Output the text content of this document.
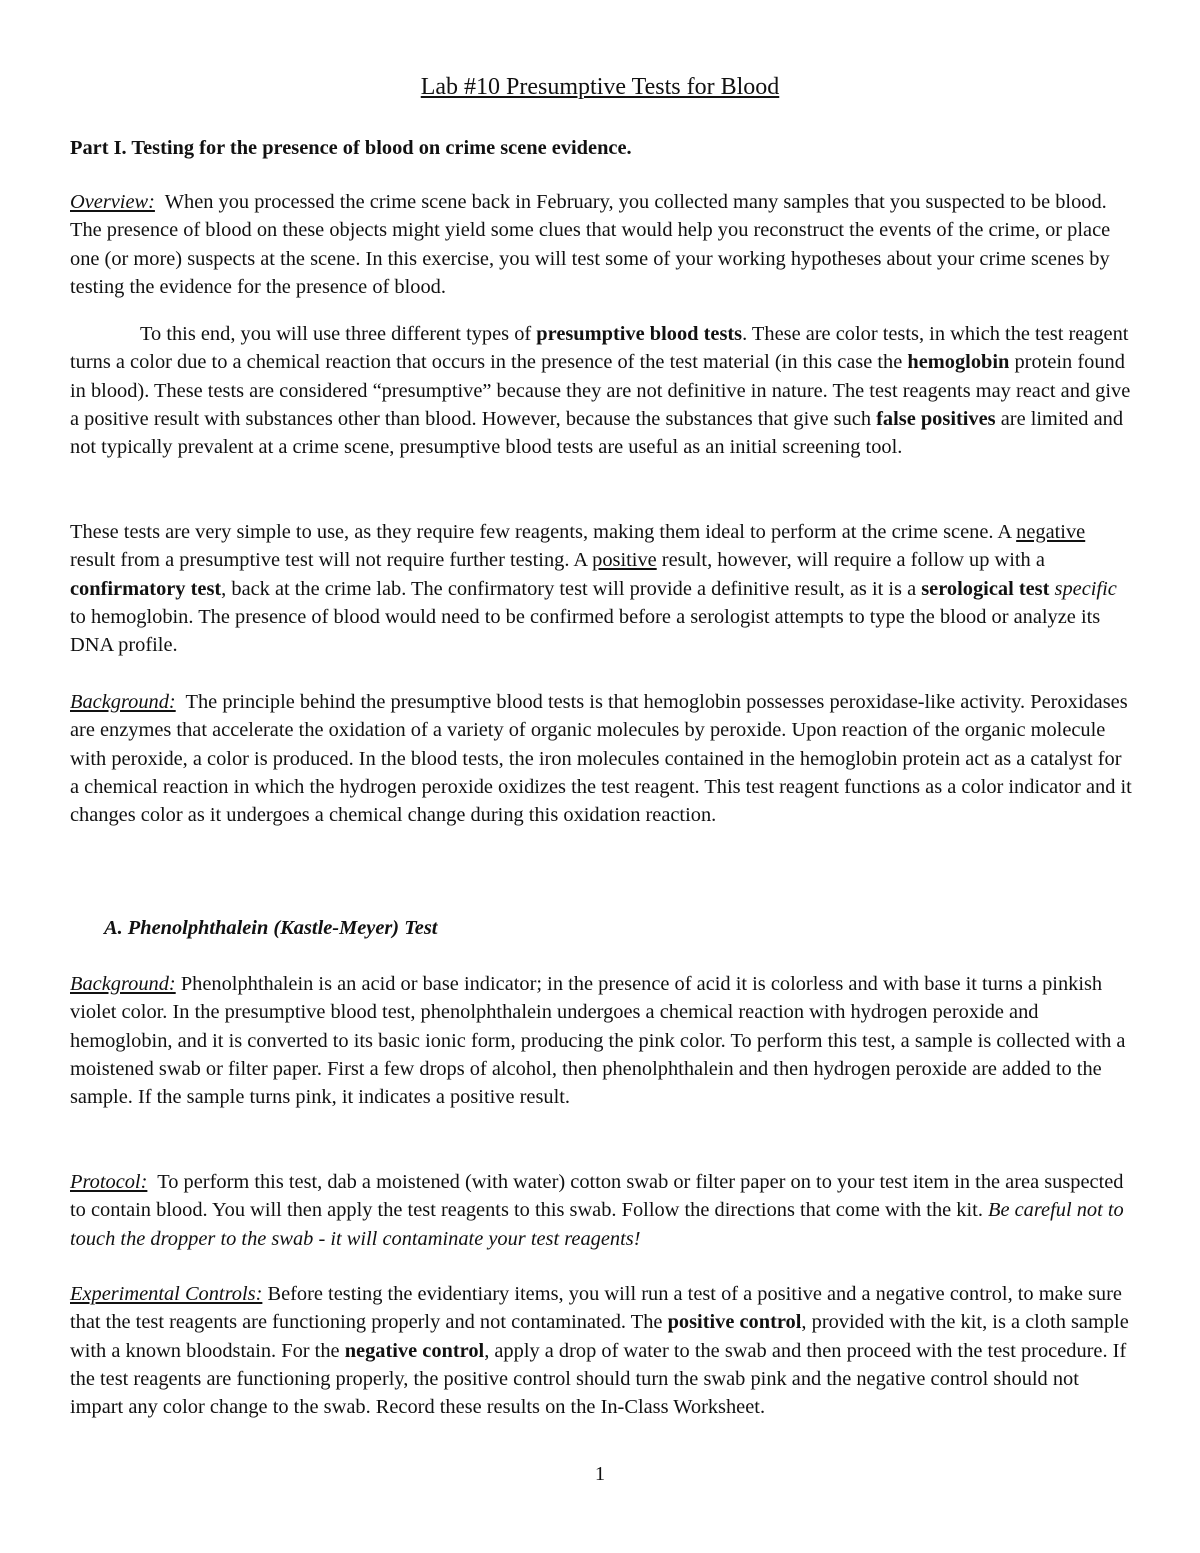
Lab #10 Presumptive Tests for Blood
Part I. Testing for the presence of blood on crime scene evidence.

Overview: When you processed the crime scene back in February, you collected many samples that you suspected to be blood. The presence of blood on these objects might yield some clues that would help you reconstruct the events of the crime, or place one (or more) suspects at the scene. In this exercise, you will test some of your working hypotheses about your crime scenes by testing the evidence for the presence of blood.

To this end, you will use three different types of presumptive blood tests. These are color tests, in which the test reagent turns a color due to a chemical reaction that occurs in the presence of the test material (in this case the hemoglobin protein found in blood). These tests are considered “presumptive” because they are not definitive in nature. The test reagents may react and give a positive result with substances other than blood. However, because the substances that give such false positives are limited and not typically prevalent at a crime scene, presumptive blood tests are useful as an initial screening tool.

These tests are very simple to use, as they require few reagents, making them ideal to perform at the crime scene. A negative result from a presumptive test will not require further testing. A positive result, however, will require a follow up with a confirmatory test, back at the crime lab. The confirmatory test will provide a definitive result, as it is a serological test specific to hemoglobin. The presence of blood would need to be confirmed before a serologist attempts to type the blood or analyze its DNA profile.

Background: The principle behind the presumptive blood tests is that hemoglobin possesses peroxidase-like activity. Peroxidases are enzymes that accelerate the oxidation of a variety of organic molecules by peroxide. Upon reaction of the organic molecule with peroxide, a color is produced. In the blood tests, the iron molecules contained in the hemoglobin protein act as a catalyst for a chemical reaction in which the hydrogen peroxide oxidizes the test reagent. This test reagent functions as a color indicator and it changes color as it undergoes a chemical change during this oxidation reaction.

A. Phenolphthalein (Kastle-Meyer) Test

Background: Phenolphthalein is an acid or base indicator; in the presence of acid it is colorless and with base it turns a pinkish violet color. In the presumptive blood test, phenolphthalein undergoes a chemical reaction with hydrogen peroxide and hemoglobin, and it is converted to its basic ionic form, producing the pink color. To perform this test, a sample is collected with a moistened swab or filter paper. First a few drops of alcohol, then phenolphthalein and then hydrogen peroxide are added to the sample. If the sample turns pink, it indicates a positive result.

Protocol: To perform this test, dab a moistened (with water) cotton swab or filter paper on to your test item in the area suspected to contain blood. You will then apply the test reagents to this swab. Follow the directions that come with the kit. Be careful not to touch the dropper to the swab - it will contaminate your test reagents!

Experimental Controls: Before testing the evidentiary items, you will run a test of a positive and a negative control, to make sure that the test reagents are functioning properly and not contaminated. The positive control, provided with the kit, is a cloth sample with a known bloodstain. For the negative control, apply a drop of water to the swab and then proceed with the test procedure. If the test reagents are functioning properly, the positive control should turn the swab pink and the negative control should not impart any color change to the swab. Record these results on the In-Class Worksheet.

1
